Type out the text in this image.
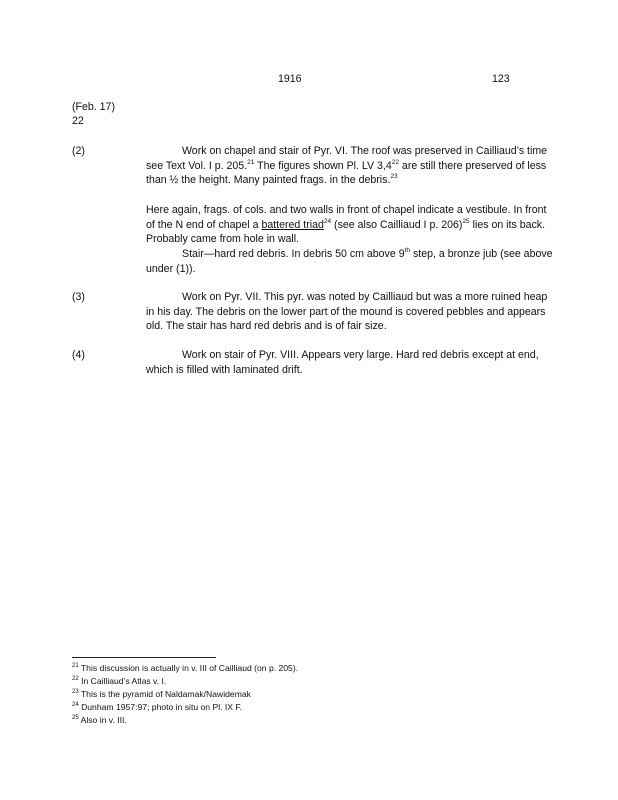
1916	123
(Feb. 17)
22
(2)	Work on chapel and stair of Pyr. VI. The roof was preserved in Cailliaud’s time see Text Vol. I p. 205.21 The figures shown Pl. LV $3,4^{22}$ are still there preserved of less than ½ the height. Many painted frags. in the debris.$^{23}$

Here again, frags. of cols. and two walls in front of chapel indicate a vestibule. In front of the N end of chapel a battered triad$^{24}$ (see also Cailliaud I p. 206)$^{25}$ lies on its back. Probably came from hole in wall.

Stair—hard red debris. In debris 50 cm above 9th step, a bronze jub (see above under (1)).

(3)	Work on Pyr. VII. This pyr. was noted by Cailliaud but was a more ruined heap in his day. The debris on the lower part of the mound is covered pebbles and appears old. The stair has hard red debris and is of fair size.

(4)	Work on stair of Pyr. VIII. Appears very large. Hard red debris except at end, which is filled with laminated drift.

$^{21}$ This discussion is actually in v. III of Cailliaud (on p. 205).
$^{22}$ In Cailliaud’s Atlas v. I.
$^{23}$ This is the pyramid of Naldamak/Nawidemak
$^{24}$ Dunham 1957:97; photo in situ on Pl. IX F.
$^{25}$ Also in v. III.
